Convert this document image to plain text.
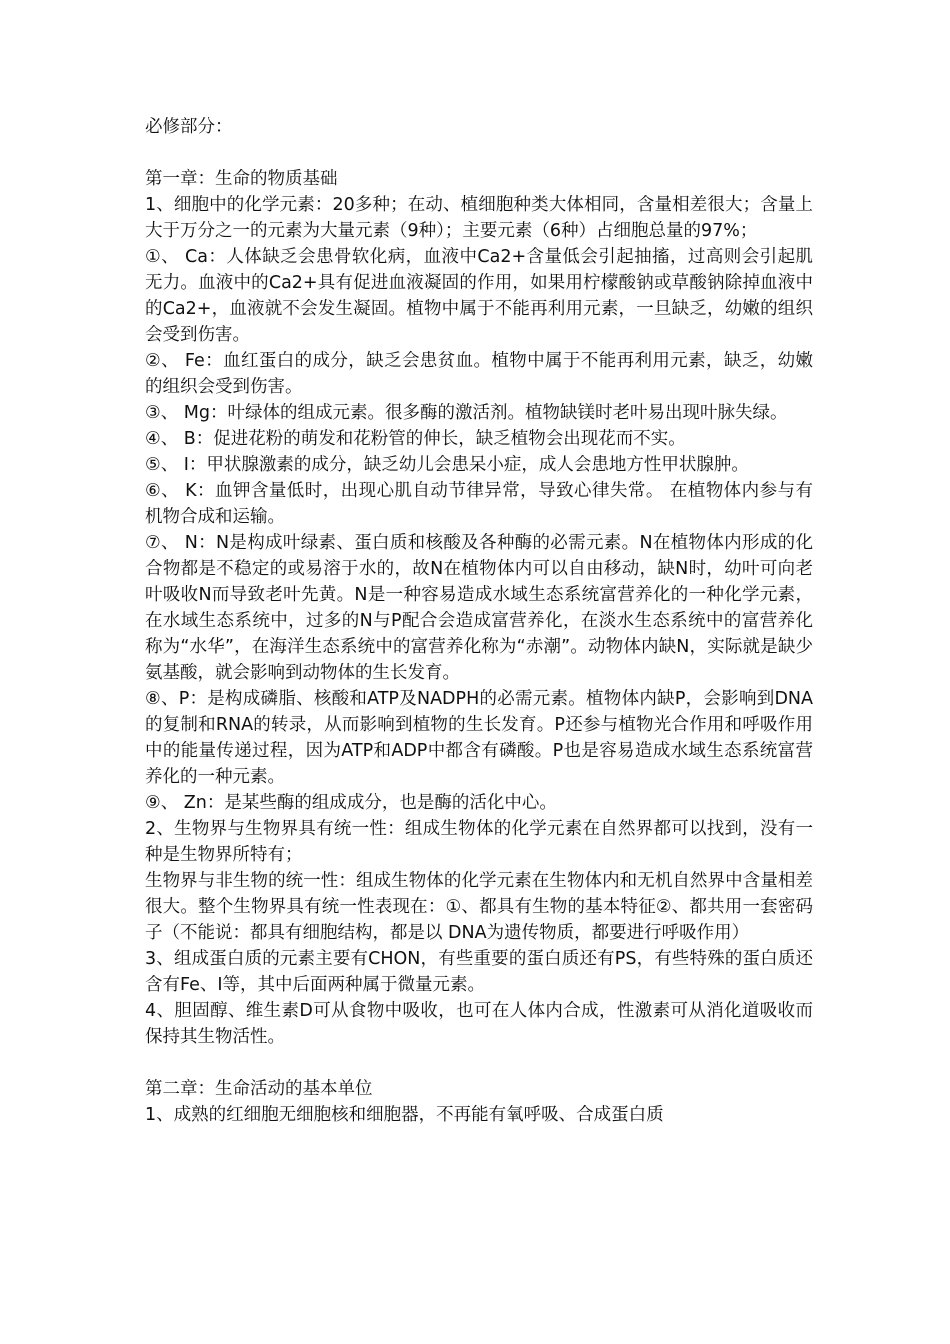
必修部分：

第一章：生命的物质基础

1、细胞中的化学元素：20多种；在动、植细胞种类大体相同，含量相差很大；含量上大于万分之一的元素为大量元素（9种）；主要元素（6种）占细胞总量的97%；

①、 Ca：人体缺乏会患骨软化病，血液中Ca2+含量低会引起抽搐，过高则会引起肌无力。血液中的Ca2+具有促进血液凝固的作用，如果用柠檬酸钠或草酸钠除掉血液中的Ca2+，血液就不会发生凝固。植物中属于不能再利用元素，一旦缺乏，幼嫩的组织会受到伤害。

②、 Fe：血红蛋白的成分，缺乏会患贫血。植物中属于不能再利用元素，缺乏，幼嫩的组织会受到伤害。

③、 Mg：叶绿体的组成元素。很多酶的激活剂。植物缺镁时老叶易出现叶脉失绿。

④、 B：促进花粉的萌发和花粉管的伸长，缺乏植物会出现花而不实。

⑤、 I：甲状腺激素的成分，缺乏幼儿会患呆小症，成人会患地方性甲状腺肿。

⑥、 K：血钾含量低时，出现心肌自动节律异常，导致心律失常。 在植物体内参与有机物合成和运输。

⑦、 N：N是构成叶绿素、蛋白质和核酸及各种酶的必需元素。N在植物体内形成的化合物都是不稳定的或易溶于水的，故N在植物体内可以自由移动，缺N时，幼叶可向老叶吸收N而导致老叶先黄。N是一种容易造成水域生态系统富营养化的一种化学元素，在水域生态系统中，过多的N与P配合会造成富营养化，在淡水生态系统中的富营养化称为“水华”，在海洋生态系统中的富营养化称为“赤潮”。动物体内缺N，实际就是缺少氨基酸，就会影响到动物体的生长发育。

⑧、P：是构成磷脂、核酸和ATP及NADPH的必需元素。植物体内缺P，会影响到DNA的复制和RNA的转录，从而影响到植物的生长发育。P还参与植物光合作用和呼吸作用中的能量传递过程，因为ATP和ADP中都含有磷酸。P也是容易造成水域生态系统富营养化的一种元素。

⑨、 Zn：是某些酶的组成成分，也是酶的活化中心。

2、生物界与生物界具有统一性：组成生物体的化学元素在自然界都可以找到，没有一种是生物界所特有；

生物界与非生物的统一性：组成生物体的化学元素在生物体内和无机自然界中含量相差很大。整个生物界具有统一性表现在：①、都具有生物的基本特征②、都共用一套密码子（不能说：都具有细胞结构，都是以 DNA为遗传物质，都要进行呼吸作用）

3、组成蛋白质的元素主要有CHON，有些重要的蛋白质还有PS，有些特殊的蛋白质还含有Fe、I等，其中后面两种属于微量元素。

4、胆固醇、维生素D可从食物中吸收，也可在人体内合成，性激素可从消化道吸收而保持其生物活性。

第二章：生命活动的基本单位

1、成熟的红细胞无细胞核和细胞器，不再能有氧呼吸、合成蛋白质
